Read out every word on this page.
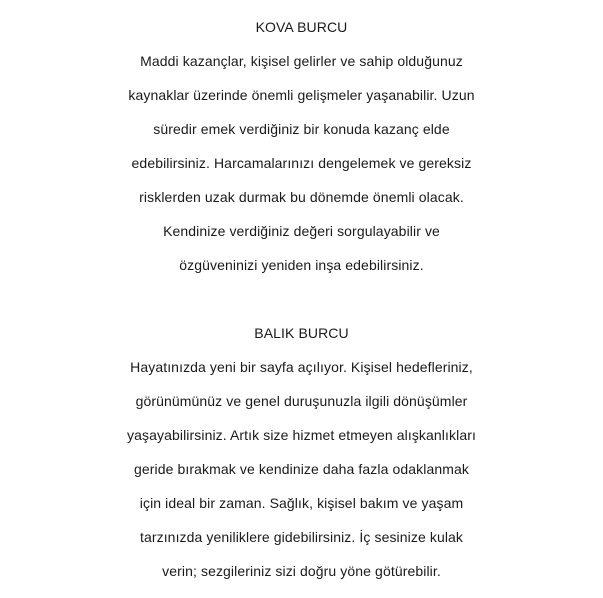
KOVA BURCU
Maddi kazançlar, kişisel gelirler ve sahip olduğunuz
kaynaklar üzerinde önemli gelişmeler yaşanabilir. Uzun
süredir emek verdiğiniz bir konuda kazanç elde
edebilirsiniz. Harcamalarınızı dengelemek ve gereksiz
risklerden uzak durmak bu dönemde önemli olacak.
Kendinize verdiğiniz değeri sorgulayabilir ve
özgüveninizi yeniden inşa edebilirsiniz.
BALIK BURCU
Hayatınızda yeni bir sayfa açılıyor. Kişisel hedefleriniz,
görünümünüz ve genel duruşunuzla ilgili dönüşümler
yaşayabilirsiniz. Artık size hizmet etmeyen alışkanlıkları
geride bırakmak ve kendinize daha fazla odaklanmak
için ideal bir zaman. Sağlık, kişisel bakım ve yaşam
tarzınızda yeniliklere gidebilirsiniz. İç sesinize kulak
verin; sezgileriniz sizi doğru yöne götürebilir.
